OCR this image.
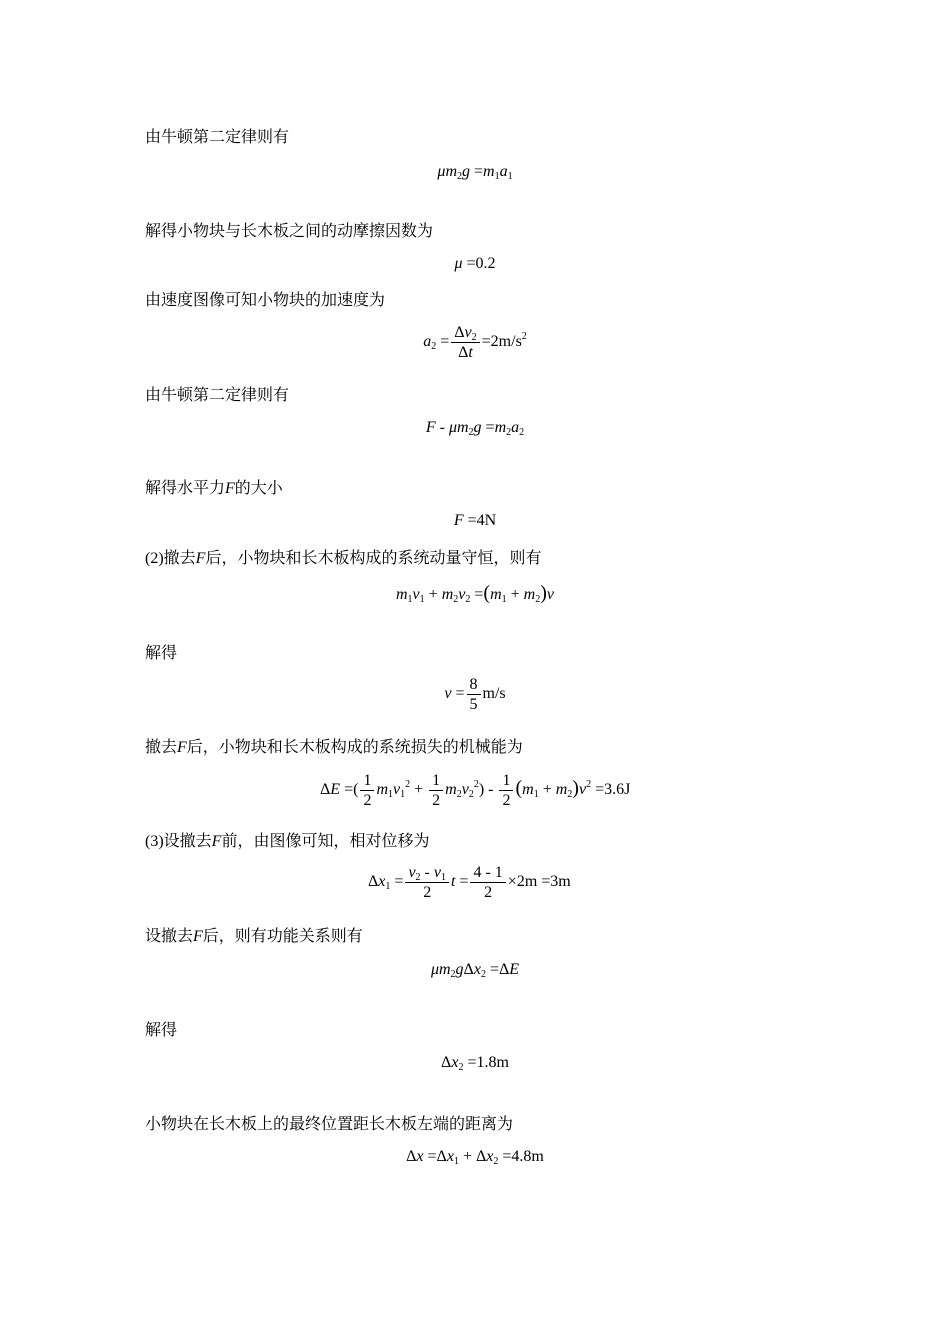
由牛顿第二定律则有
$\mu m_2g =m_1a_1$
解得小物块与长木板之间的动摩擦因数为
μ =0.2
由速度图像可知小物块的加速度为
$a_2 = \frac{\Delta v_2}{\Delta t} =2m/s^2$
由牛顿第二定律则有
$F - \mu m_2g =m_2a_2$
解得水平力F的大小
F =4N
(2)撤去F后，小物块和长木板构成的系统动量守恒，则有
$m_1v_1 + m_2v_2 =(m_1 + m_2)v$
解得
$v = \frac{8}{5} m/s$
撤去F后，小物块和长木板构成的系统损失的机械能为
ΔE =( $\frac{1}{2} m_1v_1^2 + \frac{1}{2} m_2v_2^2) - \frac{1}{2} (m_1 + m_2)v^2 =3.6J$
(3)设撤去F前，由图像可知，相对位移为
$\Delta x_1 = \frac{v_2 - v_1}{2}$ $t = \frac{4 - 1}{2} \times 2m =3m$
设撤去F后，则有功能关系则有
$\mu m_2g\Delta x_2 =\Delta E$
解得
$\Delta x_2 =1.8m$
小物块在长木板上的最终位置距长木板左端的距离为
$\Delta x =\Delta x_1 + \Delta x_2 =4.8m$
